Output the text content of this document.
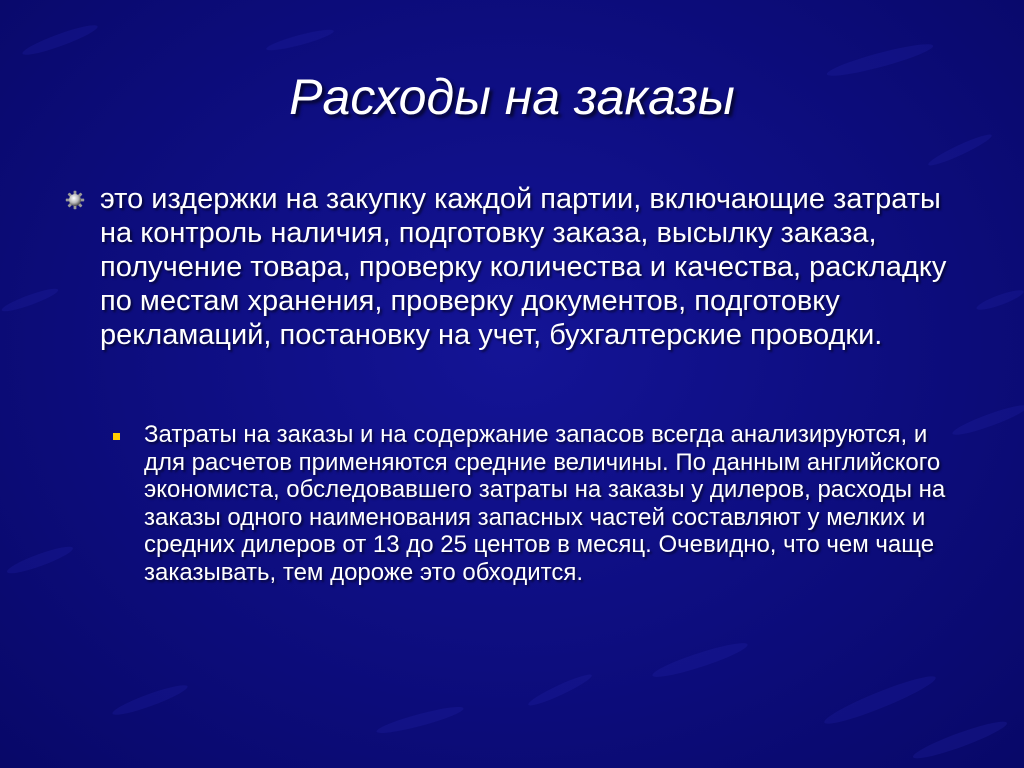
Расходы на заказы
это издержки на закупку каждой партии, включающие затраты на контроль наличия, подготовку заказа, высылку заказа, получение товара, проверку количества и качества, раскладку по местам хранения, проверку документов, подготовку рекламаций, постановку на учет, бухгалтерские проводки.
Затраты на заказы и на содержание запасов всегда анализируются, и для расчетов применяются средние величины. По данным английского экономиста, обследовавшего затраты на заказы у дилеров, расходы на заказы одного наименования запасных частей составляют у мелких и средних дилеров от 13 до 25 центов в месяц. Очевидно, что чем чаще заказывать, тем дороже это обходится.
